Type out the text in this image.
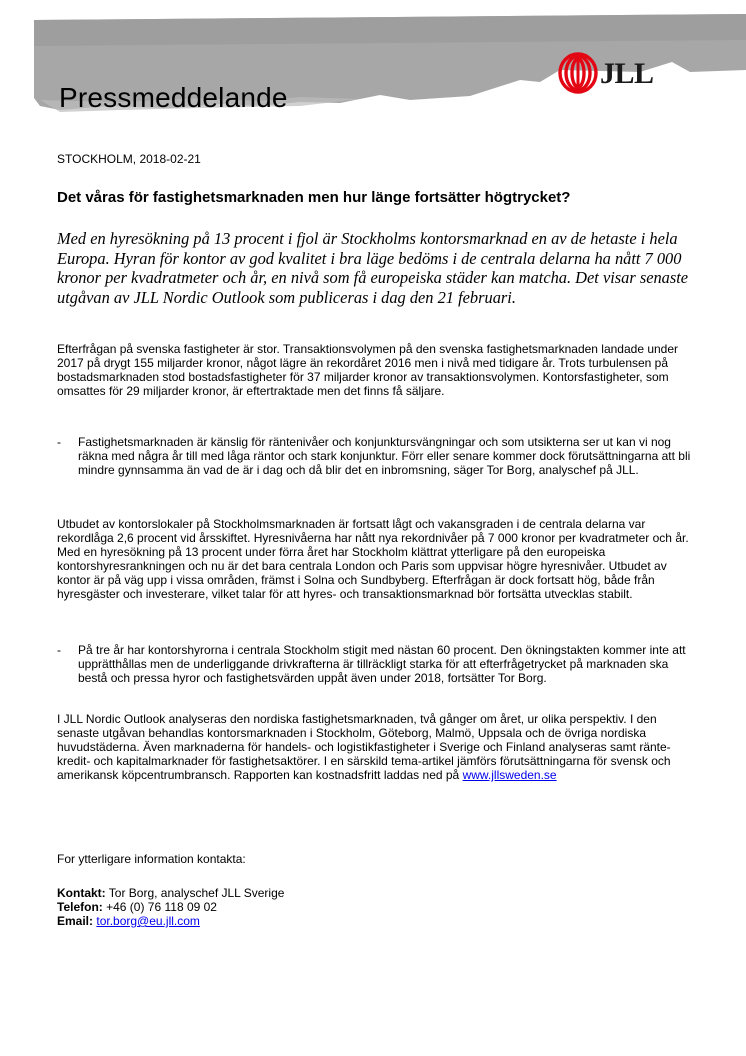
Pressmeddelande
JLL
STOCKHOLM, 2018-02-21
Det våras för fastighetsmarknaden men hur länge fortsätter högtrycket?

Med en hyresökning på 13 procent i fjol är Stockholms kontorsmarknad en av de hetaste i hela Europa. Hyran för kontor av god kvalitet i bra läge bedöms i de centrala delarna ha nått 7 000 kronor per kvadratmeter och år, en nivå som få europeiska städer kan matcha. Det visar senaste utgåvan av JLL Nordic Outlook som publiceras i dag den 21 februari.

Efterfrågan på svenska fastigheter är stor. Transaktionsvolymen på den svenska fastighetsmarknaden landade under 2017 på drygt 155 miljarder kronor, något lägre än rekordåret 2016 men i nivå med tidigare år. Trots turbulensen på bostadsmarknaden stod bostadsfastigheter för 37 miljarder kronor av transaktionsvolymen. Kontorsfastigheter, som omsattes för 29 miljarder kronor, är eftertraktade men det finns få säljare.

- Fastighetsmarknaden är känslig för räntenivåer och konjunktursvängningar och som utsikterna ser ut kan vi nog räkna med några år till med låga räntor och stark konjunktur. Förr eller senare kommer dock förutsättningarna att bli mindre gynnsamma än vad de är i dag och då blir det en inbromsning, säger Tor Borg, analyschef på JLL.

Utbudet av kontorslokaler på Stockholmsmarknaden är fortsatt lågt och vakansgraden i de centrala delarna var rekordlåga 2,6 procent vid årsskiftet. Hyresnivåerna har nått nya rekordnivåer på 7 000 kronor per kvadratmeter och år. Med en hyresökning på 13 procent under förra året har Stockholm klättrat ytterligare på den europeiska kontorshyresrankningen och nu är det bara centrala London och Paris som uppvisar högre hyresnivåer. Utbudet av kontor är på väg upp i vissa områden, främst i Solna och Sundbyberg. Efterfrågan är dock fortsatt hög, både från hyresgäster och investerare, vilket talar för att hyres- och transaktionsmarknad bör fortsätta utvecklas stabilt.

- På tre år har kontorshyrorna i centrala Stockholm stigit med nästan 60 procent. Den ökningstakten kommer inte att upprätthållas men de underliggande drivkrafterna är tillräckligt starka för att efterfrågetrycket på marknaden ska bestå och pressa hyror och fastighetsvärden uppåt även under 2018, fortsätter Tor Borg.

I JLL Nordic Outlook analyseras den nordiska fastighetsmarknaden, två gånger om året, ur olika perspektiv. I den senaste utgåvan behandlas kontorsmarknaden i Stockholm, Göteborg, Malmö, Uppsala och de övriga nordiska huvudstäderna. Även marknaderna för handels- och logistikfastigheter i Sverige och Finland analyseras samt ränte- kredit- och kapitalmarknader för fastighetsaktörer. I en särskild tema-artikel jämförs förutsättningarna för svensk och amerikansk köpcentrumbransch. Rapporten kan kostnadsfritt laddas ned på www.jllsweden.se

For ytterligare information kontakta:
Kontakt: Tor Borg, analyschef JLL Sverige
Telefon: +46 (0) 76 118 09 02
Email: tor.borg@eu.jll.com
